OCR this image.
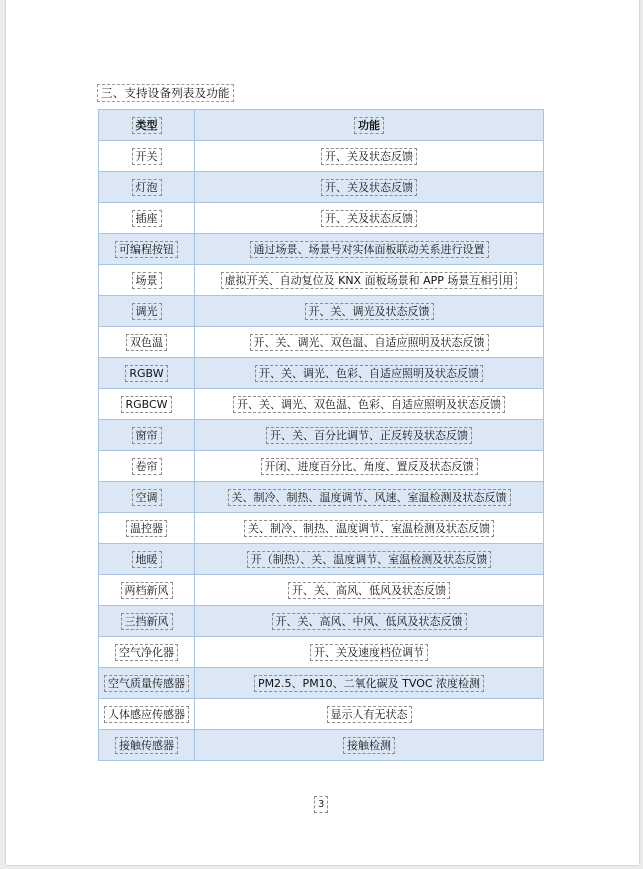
三、支持设备列表及功能
类型	功能
开关	开、关及状态反馈
灯泡	开、关及状态反馈
插座	开、关及状态反馈
可编程按钮	通过场景、场景号对实体面板联动关系进行设置
场景	虚拟开关、自动复位及 KNX 面板场景和 APP 场景互相引用
调光	开、关、调光及状态反馈
双色温	开、关、调光、双色温、自适应照明及状态反馈
RGBW	开、关、调光、色彩、自适应照明及状态反馈
RGBCW	开、关、调光、双色温、色彩、自适应照明及状态反馈
窗帘	开、关、百分比调节、正反转及状态反馈
卷帘	开闭、进度百分比、角度、置反及状态反馈
空调	关、制冷、制热、温度调节、风速、室温检测及状态反馈
温控器	关、制冷、制热、温度调节、室温检测及状态反馈
地暖	开（制热）、关、温度调节、室温检测及状态反馈
两档新风	开、关、高风、低风及状态反馈
三挡新风	开、关、高风、中风、低风及状态反馈
空气净化器	开、关及速度档位调节
空气质量传感器	PM2.5、PM10、二氧化碳及 TVOC 浓度检测
人体感应传感器	显示人有无状态
接触传感器	接触检测
3
